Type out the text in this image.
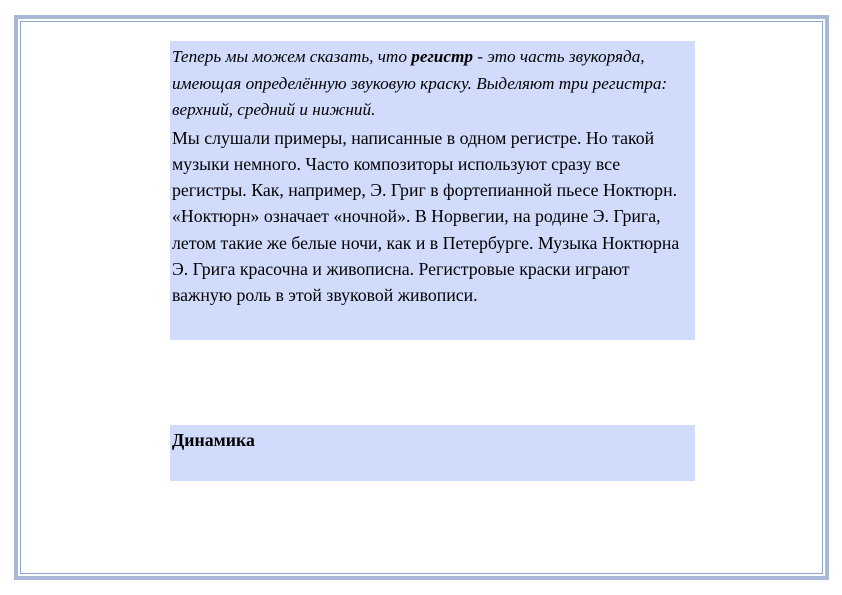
Теперь мы можем сказать, что регистр - это часть звукоряда, имеющая определённую звуковую краску. Выделяют три регистра: верхний, средний и нижний.

Мы слушали примеры, написанные в одном регистре. Но такой музыки немного. Часто композиторы используют сразу все регистры. Как, например, Э. Григ в фортепианной пьесе Ноктюрн. «Ноктюрн» означает «ночной». В Норвегии, на родине Э. Грига, летом такие же белые ночи, как и в Петербурге. Музыка Ноктюрна Э. Грига красочна и живописна. Регистровые краски играют важную роль в этой звуковой живописи.

Динамика
